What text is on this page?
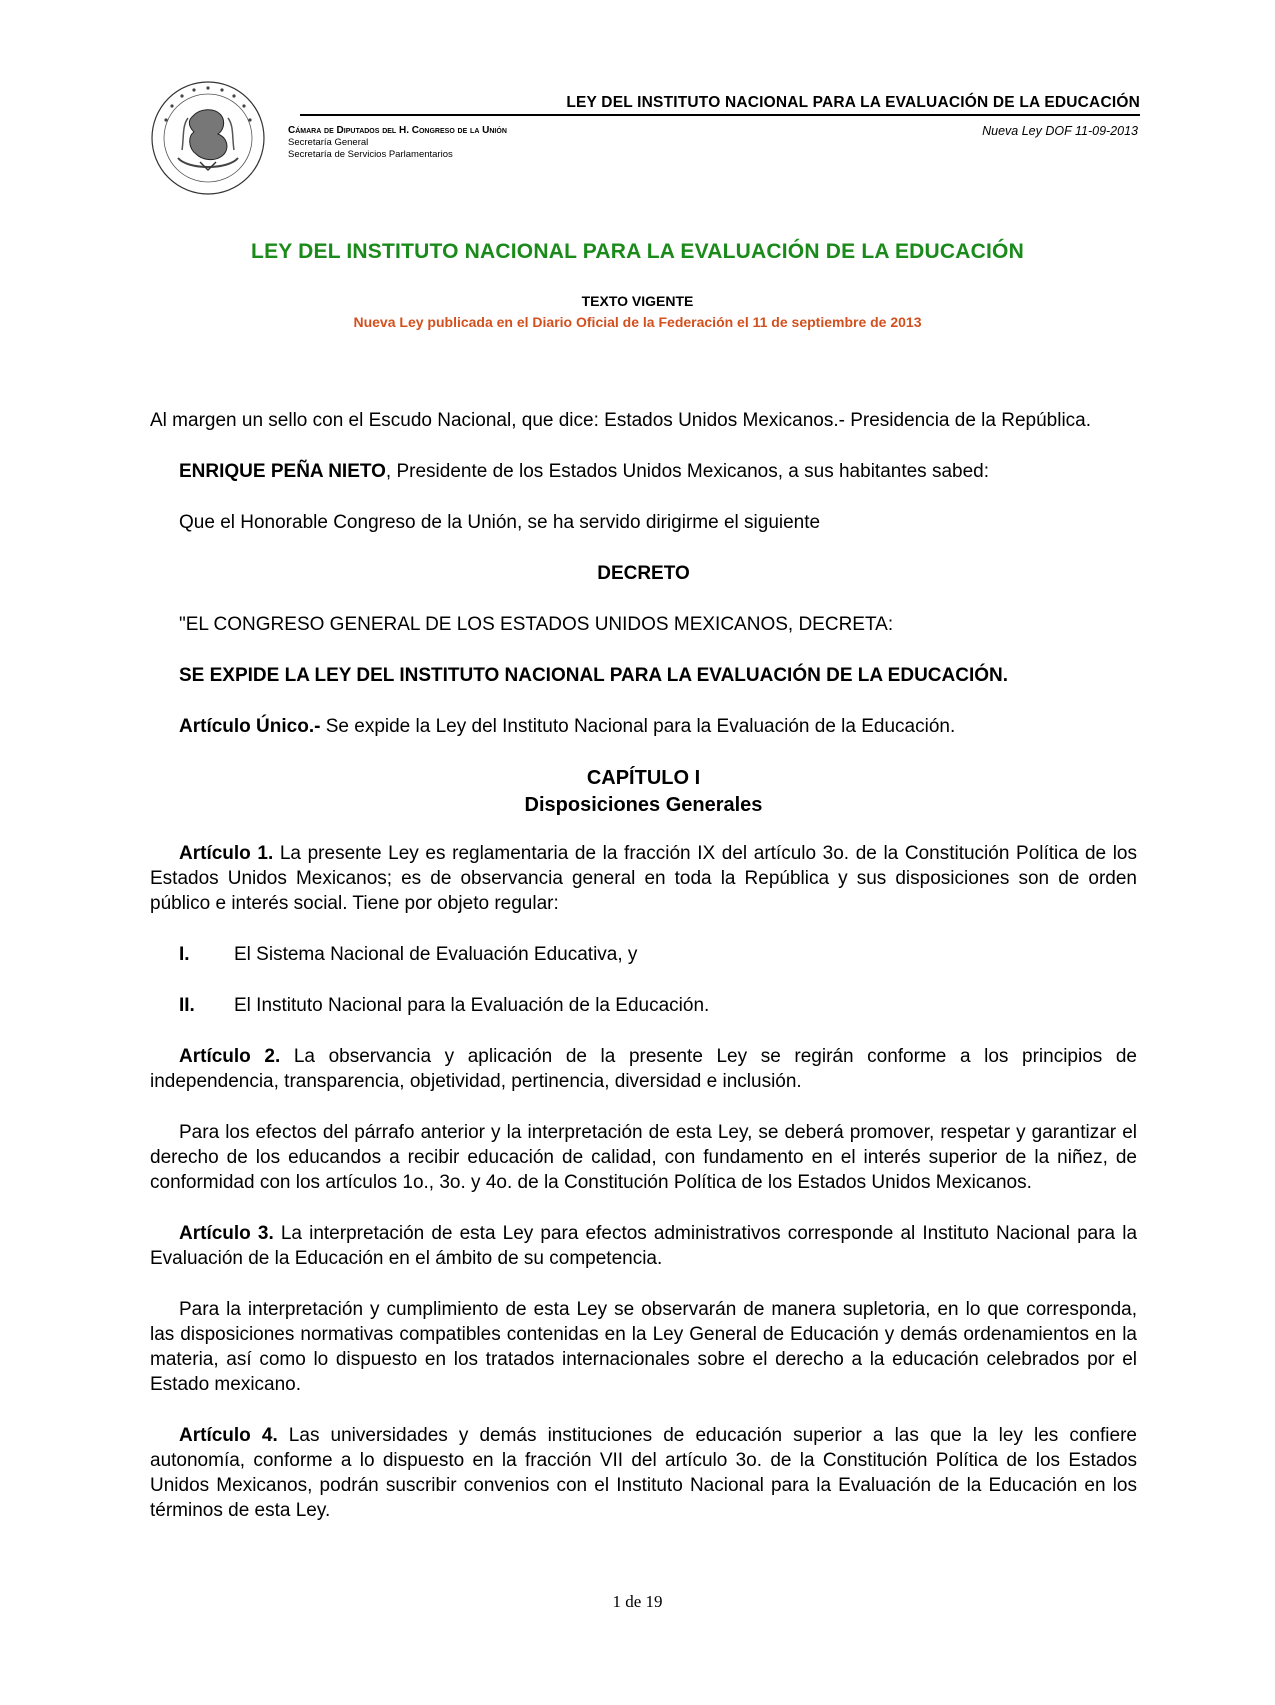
LEY DEL INSTITUTO NACIONAL PARA LA EVALUACIÓN DE LA EDUCACIÓN
Cámara de Diputados del H. Congreso de la Unión
Secretaría General
Secretaría de Servicios Parlamentarios
Nueva Ley DOF 11-09-2013
LEY DEL INSTITUTO NACIONAL PARA LA EVALUACIÓN DE LA EDUCACIÓN
TEXTO VIGENTE
Nueva Ley publicada en el Diario Oficial de la Federación el 11 de septiembre de 2013

Al margen un sello con el Escudo Nacional, que dice: Estados Unidos Mexicanos.- Presidencia de la República.

ENRIQUE PEÑA NIETO, Presidente de los Estados Unidos Mexicanos, a sus habitantes sabed:

Que el Honorable Congreso de la Unión, se ha servido dirigirme el siguiente

DECRETO

"EL CONGRESO GENERAL DE LOS ESTADOS UNIDOS MEXICANOS, DECRETA:

SE EXPIDE LA LEY DEL INSTITUTO NACIONAL PARA LA EVALUACIÓN DE LA EDUCACIÓN.

Artículo Único.- Se expide la Ley del Instituto Nacional para la Evaluación de la Educación.

CAPÍTULO I
Disposiciones Generales

Artículo 1. La presente Ley es reglamentaria de la fracción IX del artículo 3o. de la Constitución Política de los Estados Unidos Mexicanos; es de observancia general en toda la República y sus disposiciones son de orden público e interés social. Tiene por objeto regular:

I.	El Sistema Nacional de Evaluación Educativa, y
II.	El Instituto Nacional para la Evaluación de la Educación.

Artículo 2. La observancia y aplicación de la presente Ley se regirán conforme a los principios de independencia, transparencia, objetividad, pertinencia, diversidad e inclusión.

Para los efectos del párrafo anterior y la interpretación de esta Ley, se deberá promover, respetar y garantizar el derecho de los educandos a recibir educación de calidad, con fundamento en el interés superior de la niñez, de conformidad con los artículos 1o., 3o. y 4o. de la Constitución Política de los Estados Unidos Mexicanos.

Artículo 3. La interpretación de esta Ley para efectos administrativos corresponde al Instituto Nacional para la Evaluación de la Educación en el ámbito de su competencia.

Para la interpretación y cumplimiento de esta Ley se observarán de manera supletoria, en lo que corresponda, las disposiciones normativas compatibles contenidas en la Ley General de Educación y demás ordenamientos en la materia, así como lo dispuesto en los tratados internacionales sobre el derecho a la educación celebrados por el Estado mexicano.

Artículo 4. Las universidades y demás instituciones de educación superior a las que la ley les confiere autonomía, conforme a lo dispuesto en la fracción VII del artículo 3o. de la Constitución Política de los Estados Unidos Mexicanos, podrán suscribir convenios con el Instituto Nacional para la Evaluación de la Educación en los términos de esta Ley.

1 de 19
